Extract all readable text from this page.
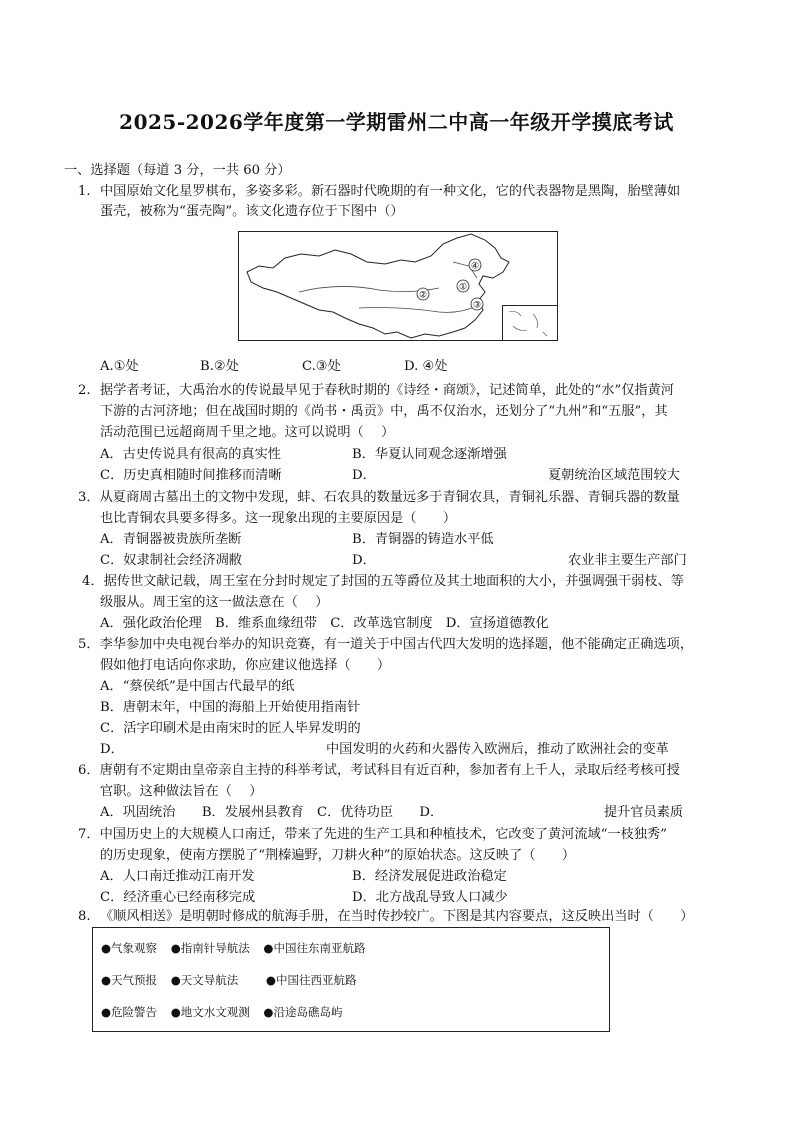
2025-2026学年度第一学期雷州二中高一年级开学摸底考试
一、选择题（每道 3 分，一共 60 分）
1. 中国原始文化星罗棋布，多姿多彩。新石器时代晚期的有一种文化，它的代表器物是黑陶，胎壁薄如
蛋壳，被称为“蛋壳陶”。该文化遗存位于下图中（）
④
①
②
③
A.①处	B.②处	C.③处	D. ④处
2. 据学者考证，大禹治水的传说最早见于春秋时期的《诗经・商颂》，记述简单，此处的“水”仅指黄河
下游的古河济地；但在战国时期的《尚书・禹贡》中，禹不仅治水，还划分了“九州”和“五服”，其
活动范围已远超商周千里之地。这可以说明（　 ）
A．古史传说具有很高的真实性	B．华夏认同观念逐渐增强
C．历史真相随时间推移而清晰	D．	夏朝统治区域范围较大
3．从夏商周古墓出土的文物中发现，蚌、石农具的数量远多于青铜农具，青铜礼乐器、青铜兵器的数量
也比青铜农具要多得多。这一现象出现的主要原因是（　　）
A．青铜器被贵族所垄断	B．青铜器的铸造水平低
C．奴隶制社会经济凋敝	D．	农业非主要生产部门
4．据传世文献记载，周王室在分封时规定了封国的五等爵位及其土地面积的大小，并强调强干弱枝、等
级服从。周王室的这一做法意在（　 ）
A．强化政治伦理　B．维系血缘纽带　C．改革选官制度　D．宣扬道德教化
5．李华参加中央电视台举办的知识竞赛，有一道关于中国古代四大发明的选择题，他不能确定正确选项，
假如他打电话向你求助，你应建议他选择（　　）
A．“蔡侯纸”是中国古代最早的纸
B．唐朝末年，中国的海船上开始使用指南针
C．活字印刷术是由南宋时的匠人毕昇发明的
D．	中国发明的火药和火器传入欧洲后，推动了欧洲社会的变革
6．唐朝有不定期由皇帝亲自主持的科举考试，考试科目有近百种，参加者有上千人，录取后经考核可授
官职。这种做法旨在（　 ）
A．巩固统治　　B．发展州县教育　C．优待功臣　　D．	提升官员素质
7．中国历史上的大规模人口南迁，带来了先进的生产工具和种植技术，它改变了黄河流域“一枝独秀”
的历史现象，使南方摆脱了“荆榛遍野，刀耕火种”的原始状态。这反映了（　　）
A．人口南迁推动江南开发	B．经济发展促进政治稳定
C．经济重心已经南移完成	D．北方战乱导致人口减少
8. 《顺风相送》是明朝时修成的航海手册，在当时传抄较广。下图是其内容要点，这反映出当时（　　）
●气象观察 ●指南针导航法 ●中国往东南亚航路
●天气预报 ●天文导航法 ●中国往西亚航路
●危险警告 ●地文水文观测 ●沿途岛礁岛屿
